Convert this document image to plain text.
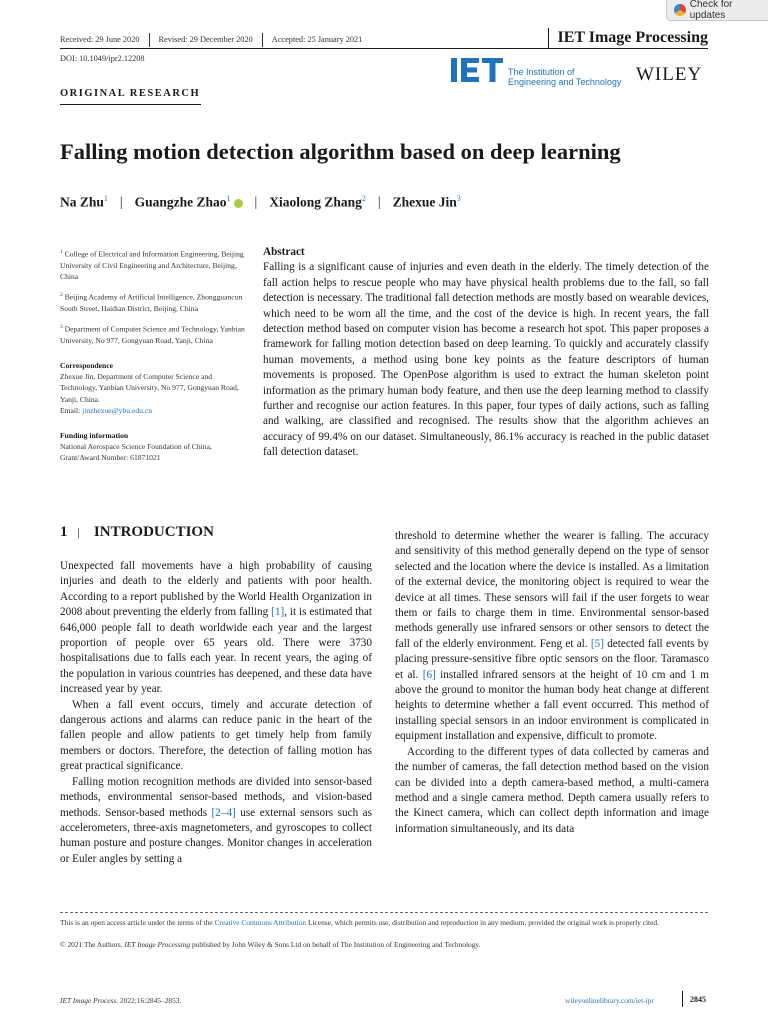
Check for updates
Received: 29 June 2020	Revised: 29 December 2020	Accepted: 25 January 2021
DOI: 10.1049/ipr2.12208
IET Image Processing
The Institution of
Engineering and Technology WILEY
ORIGINAL RESEARCH
Falling motion detection algorithm based on deep learning
Na Zhu$^1$ | Guangzhe Zhao$^1$	| Xiaolong Zhang$^2$ | Zhexue Jin$^3$

$^1$ College of Electrical and Information Engineering, Beijing University of Civil Engineering and Architecture, Beijing, China

$^2$ Beijing Academy of Artificial Intelligence, Zhongguancun South Street, Haidian District, Beijing, China

$^3$ Department of Computer Science and Technology, Yanbian University, No 977, Gongyuan Road, Yanji, China

Correspondence

Zhexue Jin, Department of Computer Science and Technology, Yanbian University, No 977, Gongyuan Road, Yanji, China.
Email: jinzhexue@ybu.edu.cn

Funding information

National Aerospace Science Foundation of China, Grant/Award Number: 61871021

Abstract
Falling is a significant cause of injuries and even death in the elderly. The timely detection of the fall action helps to rescue people who may have physical health problems due to the fall, so fall detection is necessary. The traditional fall detection methods are mostly based on wearable devices, which need to be worn all the time, and the cost of the device is high. In recent years, the fall detection method based on computer vision has become a research hot spot. This paper proposes a framework for falling motion detection based on deep learning. To quickly and accurately classify human movements, a method using bone key points as the feature descriptors of human movements is proposed. The OpenPose algorithm is used to extract the human skeleton point information as the primary human body feature, and then use the deep learning method to classify further and recognise our action features. In this paper, four types of daily actions, such as falling and walking, are classified and recognised. The results show that the algorithm achieves an accuracy of 99.4% on our dataset. Simultaneously, 86.1% accuracy is reached in the public dataset fall detection dataset.
1 | INTRODUCTION

Unexpected fall movements have a high probability of causing injuries and death to the elderly and patients with poor health. According to a report published by the World Health Organization in 2008 about preventing the elderly from falling [1], it is estimated that 646,000 people fall to death worldwide each year and the largest proportion of people over 65 years old. There were 3730 hospitalisations due to falls each year. In recent years, the aging of the population in various countries has deepened, and these data have increased year by year.

When a fall event occurs, timely and accurate detection of dangerous actions and alarms can reduce panic in the heart of the fallen people and allow patients to get timely help from family members or doctors. Therefore, the detection of falling motion has great practical significance.

Falling motion recognition methods are divided into sensor-based methods, environmental sensor-based methods, and vision-based methods. Sensor-based methods [2–4] use external sensors such as accelerometers, three-axis magnetometers, and gyroscopes to collect human posture and posture changes. Monitor changes in acceleration or Euler angles by setting a

threshold to determine whether the wearer is falling. The accuracy and sensitivity of this method generally depend on the type of sensor selected and the location where the device is installed. As a limitation of the external device, the monitoring object is required to wear the device at all times. These sensors will fail if the user forgets to wear them or fails to charge them in time. Environmental sensor-based methods generally use infrared sensors or other sensors to detect the fall of the elderly environment. Feng et al. [5] detected fall events by placing pressure-sensitive fibre optic sensors on the floor. Taramasco et al. [6] installed infrared sensors at the height of 10 cm and 1 m above the ground to monitor the human body heat change at different heights to determine whether a fall event occurred. This method of installing special sensors in an indoor environment is complicated in equipment installation and expensive, difficult to promote.

According to the different types of data collected by cameras and the number of cameras, the fall detection method based on the vision can be divided into a depth camera-based method, a multi-camera method and a single camera method. Depth camera usually refers to the Kinect camera, which can collect depth information and image information simultaneously, and its data

This is an open access article under the terms of the Creative Commons Attribution License, which permits use, distribution and reproduction in any medium, provided the original work is properly cited.
© 2021 The Authors. IET Image Processing published by John Wiley & Sons Ltd on behalf of The Institution of Engineering and Technology.
IET Image Process. 2022;16:2845–2853.	wileyonlinelibrary.com/iet-ipr	2845
